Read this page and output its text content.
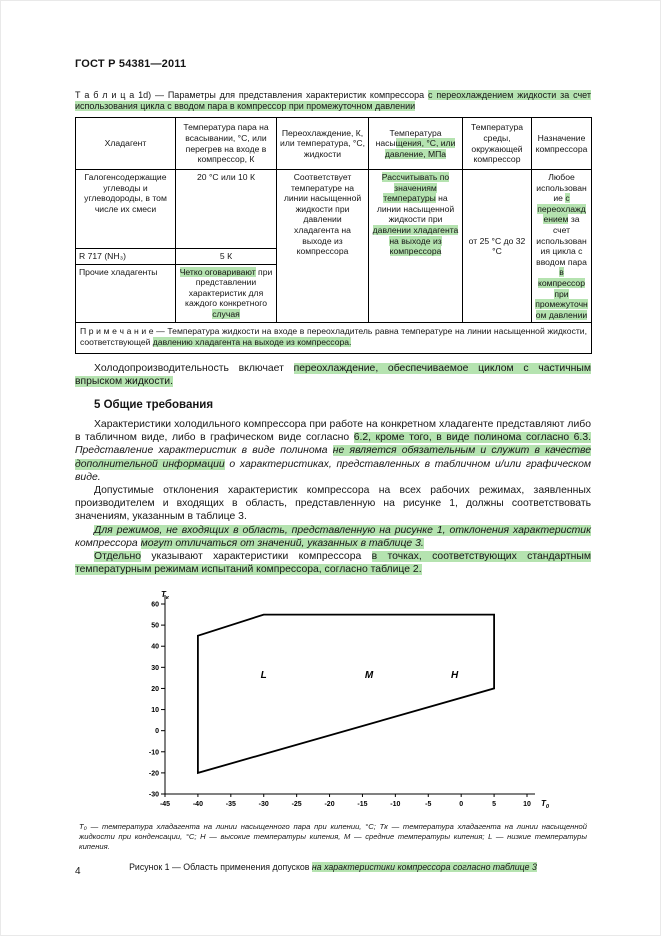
ГОСТ Р 54381—2011

Т а б л и ц а 1d) — Параметры для представления характеристик компрессора с переохлаждением жидкости за счет использования цикла с вводом пара в компрессор при промежуточном давлении

Хладагент	Температура пара на всасывании, °С, или перегрев на входе в компрессор, К	Переохлаждение, К, или температура, °С, жидкости	Температура насыщения, °С, или давление, МПа	Температура среды, окружающей компрессор	Назначение компрессора
Галогенсодержащие углеводы и углеводороды, в том числе их смеси	20 °С или 10 К	Соответствует температуре на линии насыщенной жидкости при давлении хладагента на выходе из компрессора	Рассчитывать по значениям температуры на линии насыщенной жидкости при давлении хладагента на выходе из компрессора	от 25 °С до 32 °С	Любое использование с переохлаждением за счет использования цикла с вводом пара в компрессор при промежуточном давлении
R 717 (NH₃)	5 К				
Прочие хладагенты	Четко оговаривают при представлении характеристик для каждого конкретного случая				
П р и м е ч а н и е — Температура жидкости на входе в переохладитель равна температуре на линии насыщенной жидкости, соответствующей давлению хладагента на выходе из компрессора.					

Холодопроизводительность включает переохлаждение, обеспечиваемое циклом с частичным впрыском жидкости.

5 Общие требования

Характеристики холодильного компрессора при работе на конкретном хладагенте представляют либо в табличном виде, либо в графическом виде согласно 6.2, кроме того, в виде полинома согласно 6.3. Представление характеристик в виде полинома не является обязательным и служит в качестве дополнительной информации о характеристиках, представленных в табличном и/или графическом виде.

Допустимые отклонения характеристик компрессора на всех рабочих режимах, заявленных производителем и входящих в область, представленную на рисунке 1, должны соответствовать значениям, указанным в таблице 3.

Для режимов, не входящих в область, представленную на рисунке 1, отклонения характеристик компрессора могут отличаться от значений, указанных в таблице 3.

Отдельно указывают характеристики компрессора в точках, соответствующих стандартным температурным режимам испытаний компрессора, согласно таблице 2.

-45	-40	-35	-30	-25	-20	-15	-10	-5	0	5	10
60
50
40
30
20
10
0
-10
-20
-30
L	M	H
$T_к$
$T_0$
T₀ — температура хладагента на линии насыщенного пара при кипении, °С; Tк — температура хладагента на линии насыщенной жидкости при конденсации, °С; Н — высокие температуры кипения, М — средние температуры кипения; L — низкие температуры кипения.
Рисунок 1 — Область применения допусков на характеристики компрессора согласно таблице 3
4
